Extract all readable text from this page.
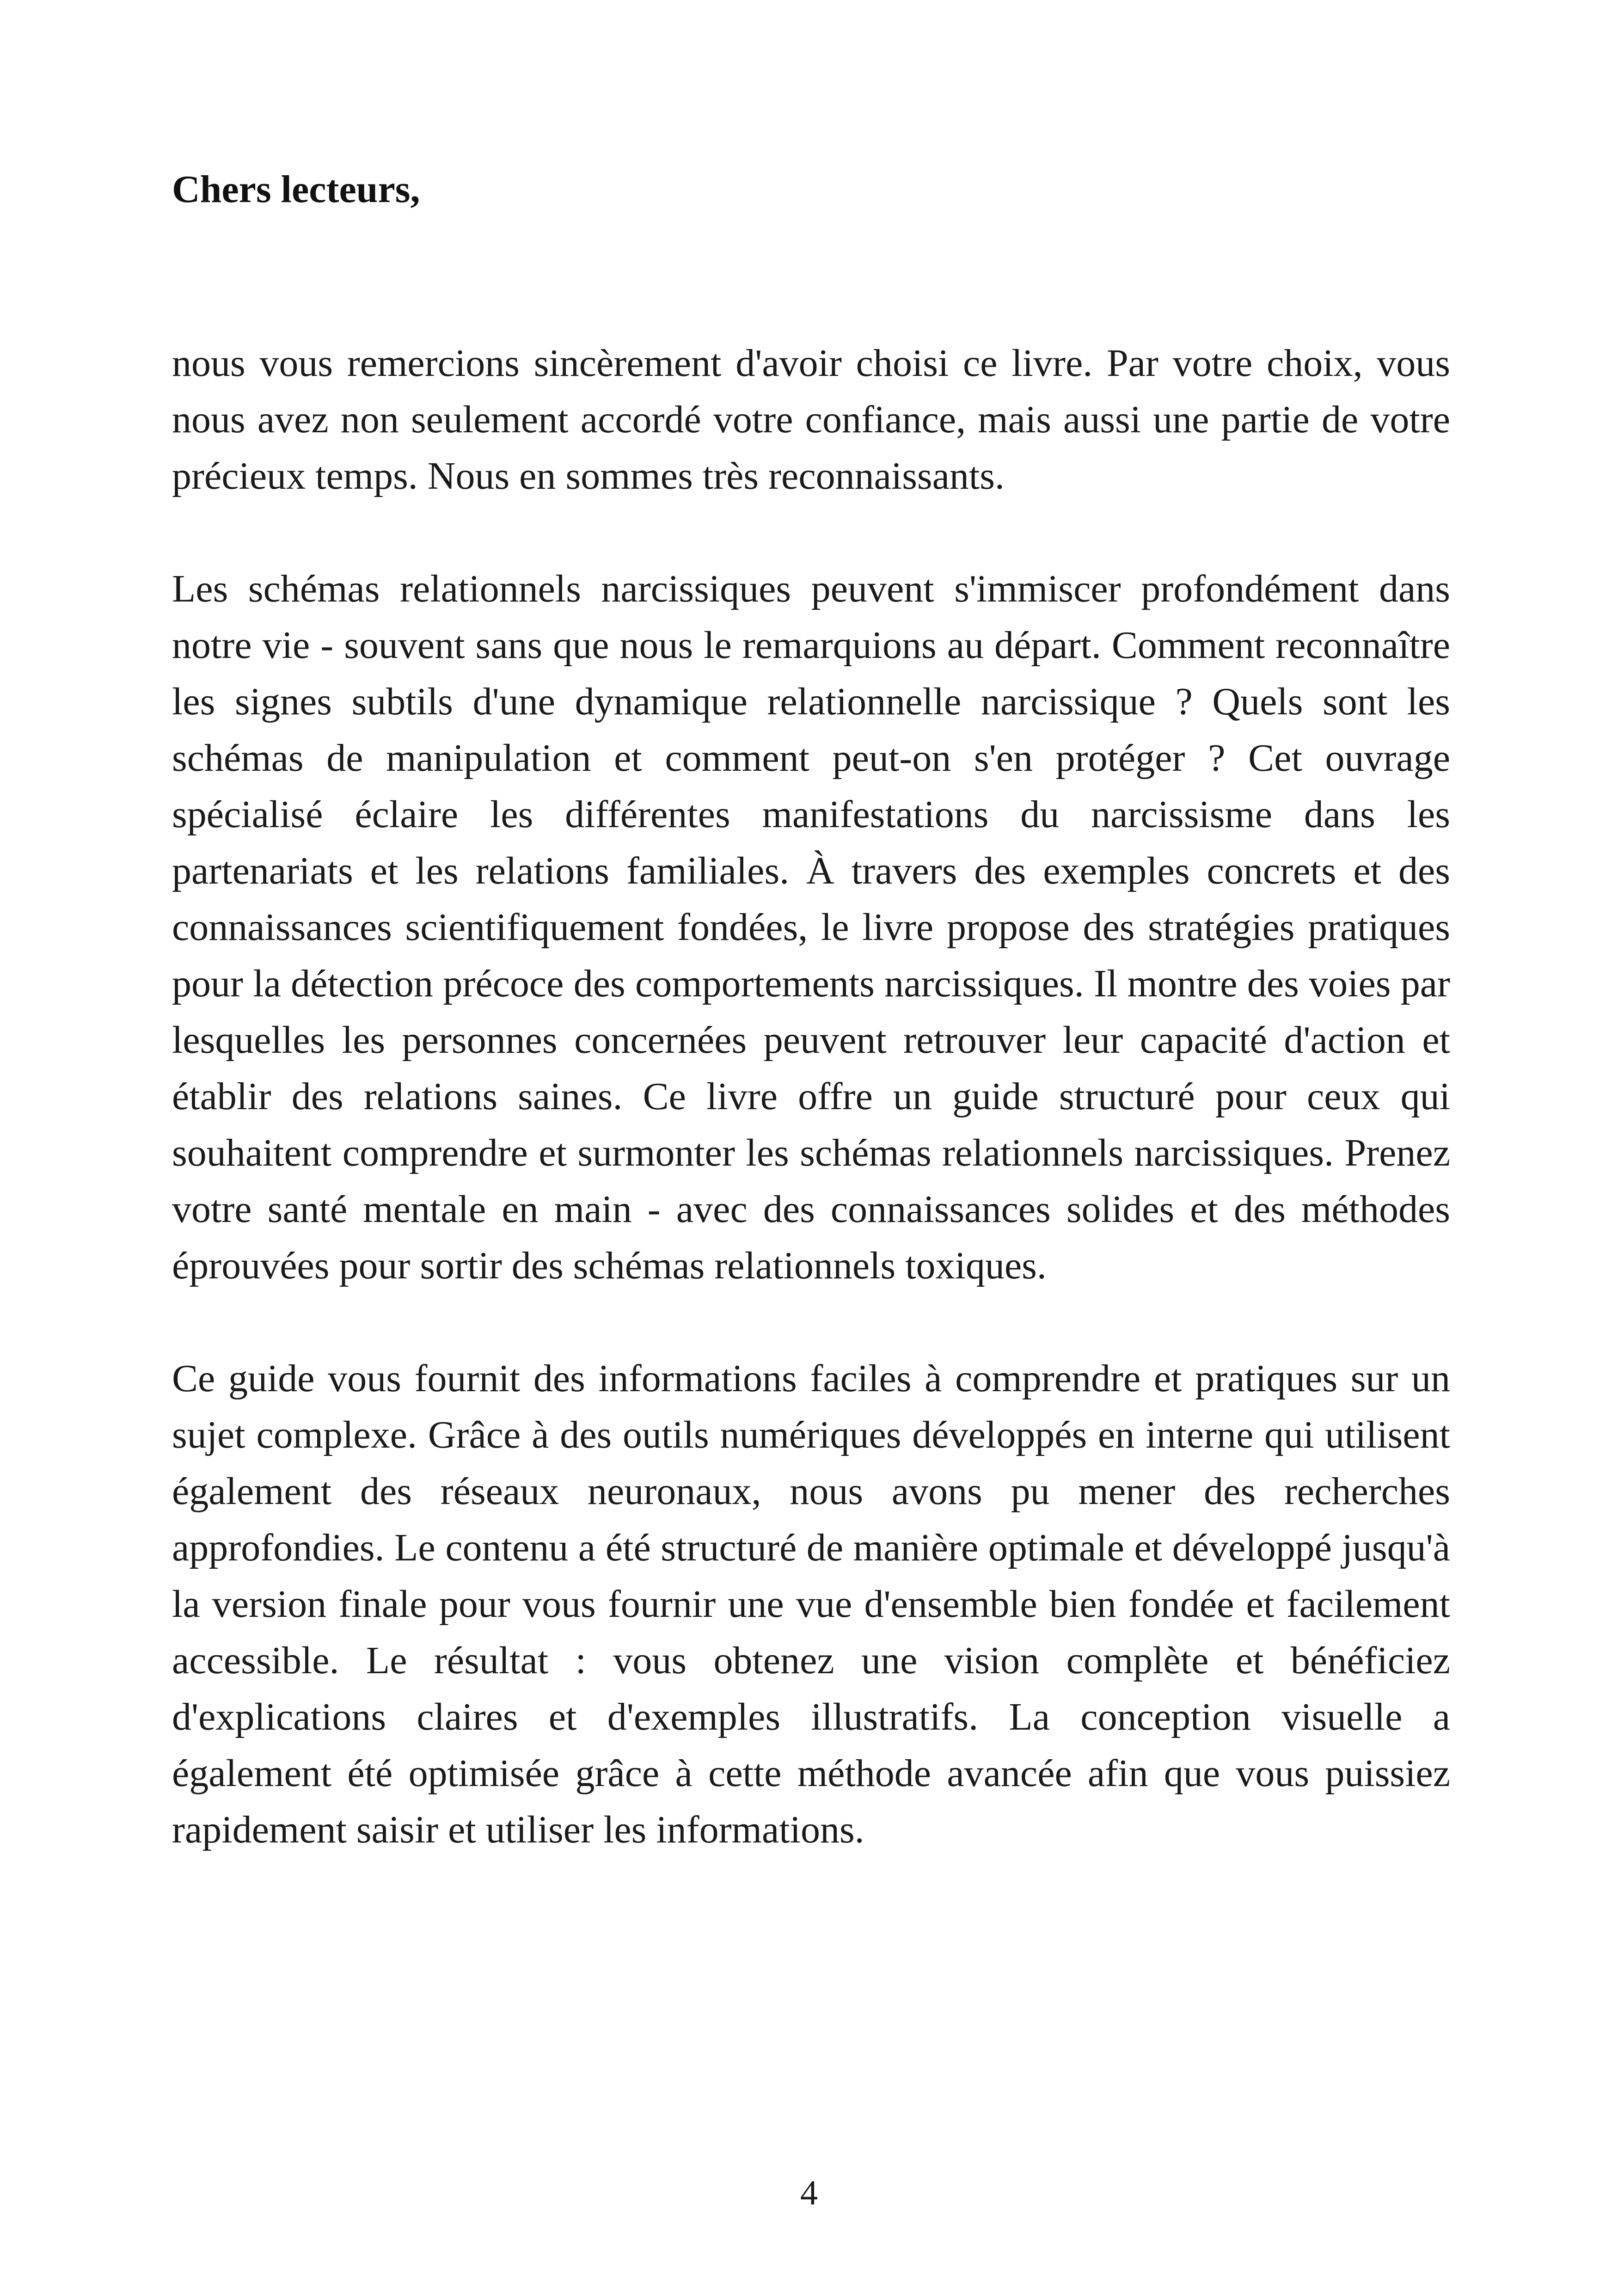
Chers lecteurs,

nous vous remercions sincèrement d'avoir choisi ce livre. Par votre choix, vous nous avez non seulement accordé votre confiance, mais aussi une partie de votre précieux temps. Nous en sommes très reconnaissants.

Les schémas relationnels narcissiques peuvent s'immiscer profondément dans notre vie - souvent sans que nous le remarquions au départ. Comment reconnaître les signes subtils d'une dynamique relationnelle narcissique ? Quels sont les schémas de manipulation et comment peut-on s'en protéger ? Cet ouvrage spécialisé éclaire les différentes manifestations du narcissisme dans les partenariats et les relations familiales. À travers des exemples concrets et des connaissances scientifiquement fondées, le livre propose des stratégies pratiques pour la détection précoce des comportements narcissiques. Il montre des voies par lesquelles les personnes concernées peuvent retrouver leur capacité d'action et établir des relations saines. Ce livre offre un guide structuré pour ceux qui souhaitent comprendre et surmonter les schémas relationnels narcissiques. Prenez votre santé mentale en main - avec des connaissances solides et des méthodes éprouvées pour sortir des schémas relationnels toxiques.

Ce guide vous fournit des informations faciles à comprendre et pratiques sur un sujet complexe. Grâce à des outils numériques développés en interne qui utilisent également des réseaux neuronaux, nous avons pu mener des recherches approfondies. Le contenu a été structuré de manière optimale et développé jusqu'à la version finale pour vous fournir une vue d'ensemble bien fondée et facilement accessible. Le résultat : vous obtenez une vision complète et bénéficiez d'explications claires et d'exemples illustratifs. La conception visuelle a également été optimisée grâce à cette méthode avancée afin que vous puissiez rapidement saisir et utiliser les informations.

4
